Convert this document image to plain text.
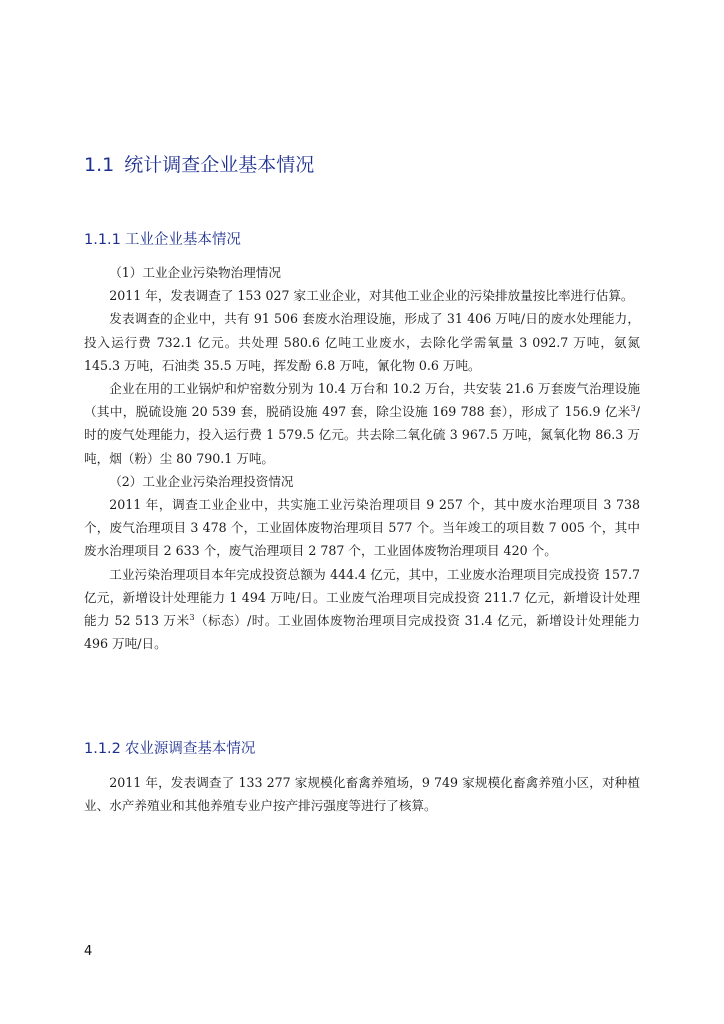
1.1 统计调查企业基本情况
1.1.1 工业企业基本情况

（1）工业企业污染物治理情况

2011 年，发表调查了 153 027 家工业企业，对其他工业企业的污染排放量按比率进行估算。

发表调查的企业中，共有 91 506 套废水治理设施，形成了 31 406 万吨/日的废水处理能力，投入运行费 732.1 亿元。共处理 580.6 亿吨工业废水，去除化学需氧量 3 092.7 万吨，氨氮 145.3 万吨，石油类 35.5 万吨，挥发酚 6.8 万吨，氰化物 0.6 万吨。

企业在用的工业锅炉和炉窑数分别为 10.4 万台和 10.2 万台，共安装 21.6 万套废气治理设施（其中，脱硫设施 20 539 套，脱硝设施 497 套，除尘设施 169 788 套），形成了 156.9 亿米$^3$/时的废气处理能力，投入运行费 1 579.5 亿元。共去除二氧化硫 3 967.5 万吨，氮氧化物 86.3 万吨，烟（粉）尘 80 790.1 万吨。

（2）工业企业污染治理投资情况

2011 年，调查工业企业中，共实施工业污染治理项目 9 257 个，其中废水治理项目 3 738 个，废气治理项目 3 478 个，工业固体废物治理项目 577 个。当年竣工的项目数 7 005 个，其中废水治理项目 2 633 个，废气治理项目 2 787 个，工业固体废物治理项目 420 个。

工业污染治理项目本年完成投资总额为 444.4 亿元，其中，工业废水治理项目完成投资 157.7 亿元，新增设计处理能力 1 494 万吨/日。工业废气治理项目完成投资 211.7 亿元，新增设计处理能力 52 513 万米$^3$（标态）/时。工业固体废物治理项目完成投资 31.4 亿元，新增设计处理能力 496 万吨/日。

1.1.2 农业源调查基本情况

2011 年，发表调查了 133 277 家规模化畜禽养殖场，9 749 家规模化畜禽养殖小区，对种植业、水产养殖业和其他养殖专业户按产排污强度等进行了核算。

4
